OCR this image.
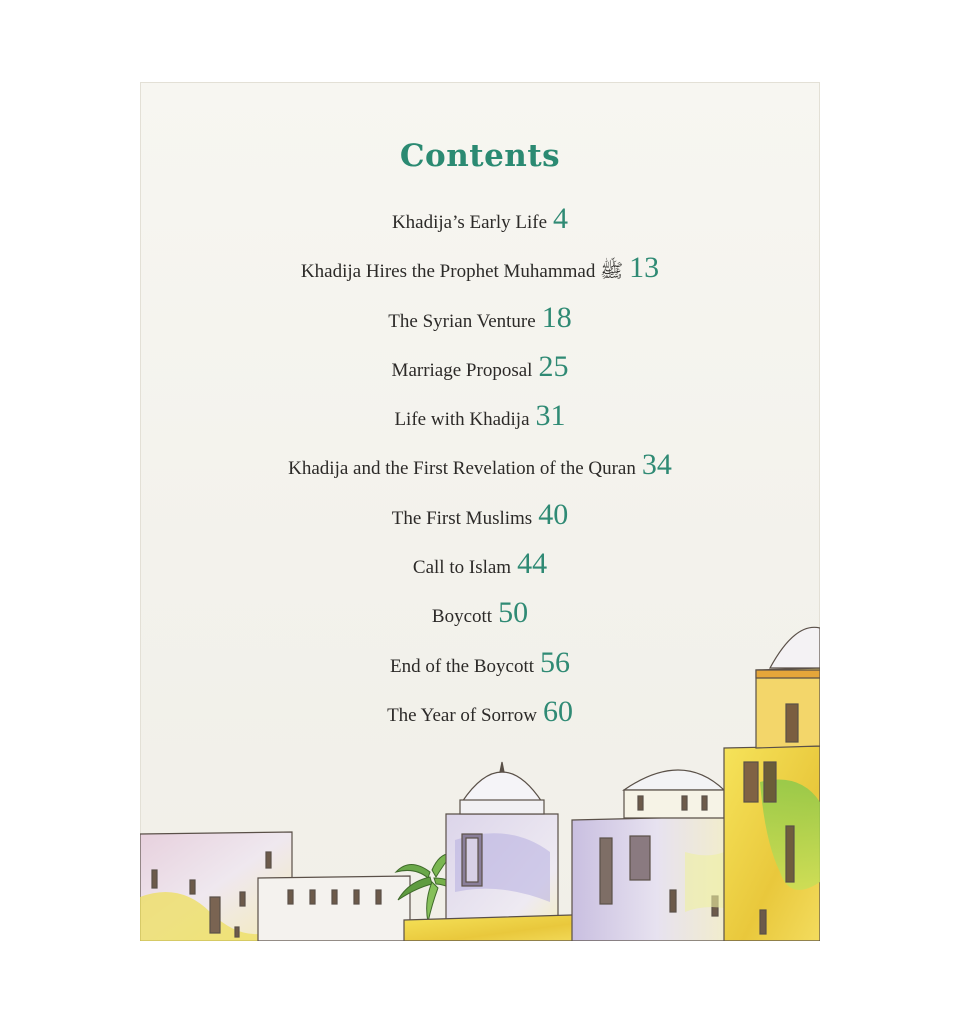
Contents
Khadija’s Early Life 4
Khadija Hires the Prophet Muhammad ﷺ 13
The Syrian Venture 18
Marriage Proposal 25
Life with Khadija 31
Khadija and the First Revelation of the Quran 34
The First Muslims 40
Call to Islam 44
Boycott 50
End of the Boycott 56
The Year of Sorrow 60
